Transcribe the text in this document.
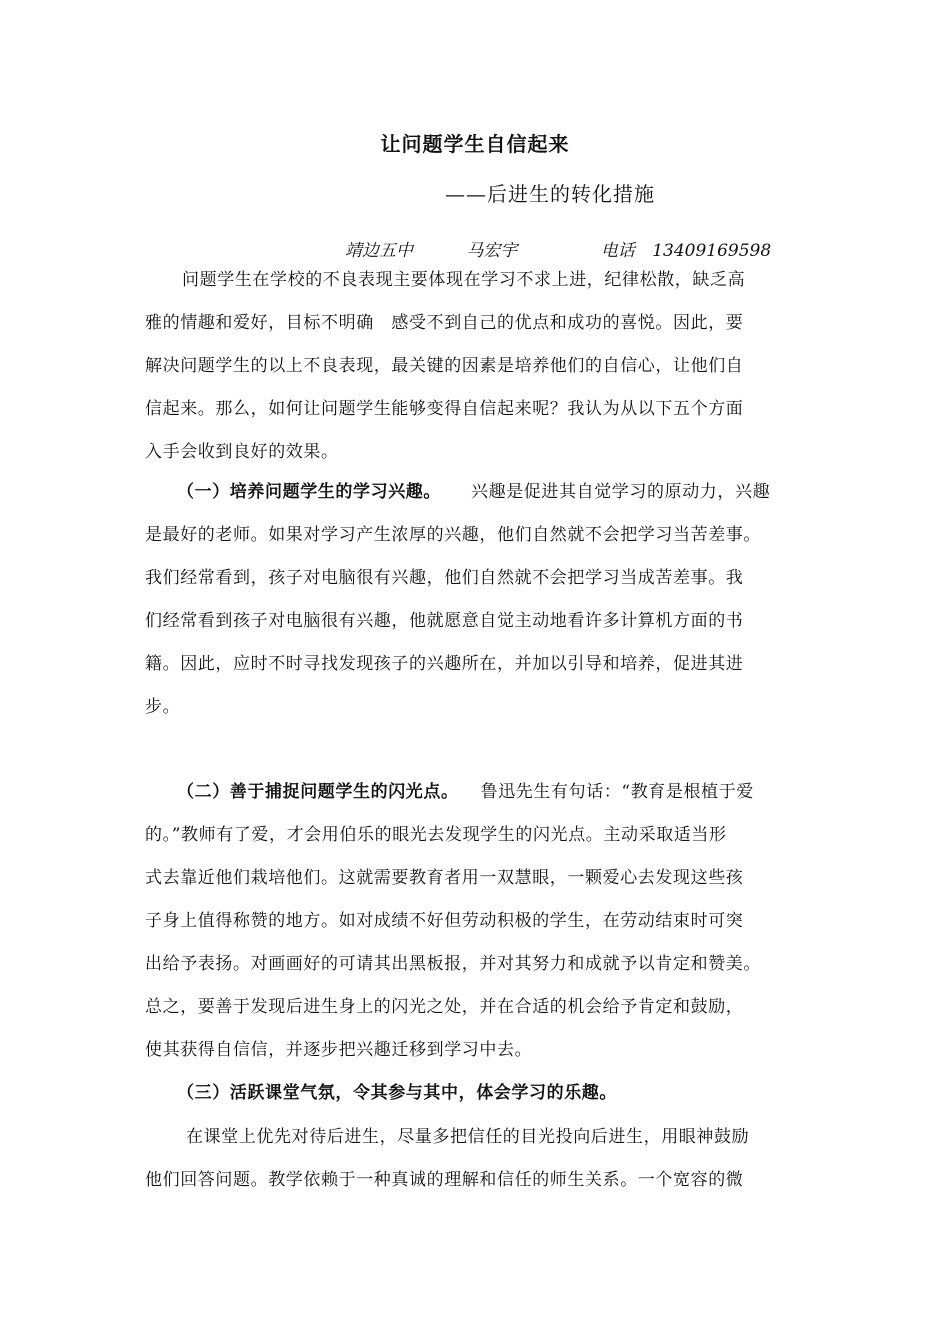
让问题学生自信起来
——后进生的转化措施
靖边五中	马宏宇	电话 13409169598
问题学生在学校的不良表现主要体现在学习不求上进，纪律松散，缺乏高
雅的情趣和爱好，目标不明确　感受不到自己的优点和成功的喜悦。因此，要
解决问题学生的以上不良表现，最关键的因素是培养他们的自信心，让他们自
信起来。那么，如何让问题学生能够变得自信起来呢？我认为从以下五个方面
入手会收到良好的效果。
（一）培养问题学生的学习兴趣。 兴趣是促进其自觉学习的原动力，兴趣
是最好的老师。如果对学习产生浓厚的兴趣，他们自然就不会把学习当苦差事。
我们经常看到，孩子对电脑很有兴趣，他们自然就不会把学习当成苦差事。我
们经常看到孩子对电脑很有兴趣，他就愿意自觉主动地看许多计算机方面的书
籍。因此，应时不时寻找发现孩子的兴趣所在，并加以引导和培养，促进其进
步。
（二）善于捕捉问题学生的闪光点。 鲁迅先生有句话：“教育是根植于爱
的。”教师有了爱，才会用伯乐的眼光去发现学生的闪光点。主动采取适当形
式去靠近他们栽培他们。这就需要教育者用一双慧眼，一颗爱心去发现这些孩
子身上值得称赞的地方。如对成绩不好但劳动积极的学生，在劳动结束时可突
出给予表扬。对画画好的可请其出黑板报，并对其努力和成就予以肯定和赞美。
总之，要善于发现后进生身上的闪光之处，并在合适的机会给予肯定和鼓励，
使其获得自信信，并逐步把兴趣迁移到学习中去。
（三）活跃课堂气氛，令其参与其中，体会学习的乐趣。
在课堂上优先对待后进生，尽量多把信任的目光投向后进生，用眼神鼓励
他们回答问题。教学依赖于一种真诚的理解和信任的师生关系。一个宽容的微
